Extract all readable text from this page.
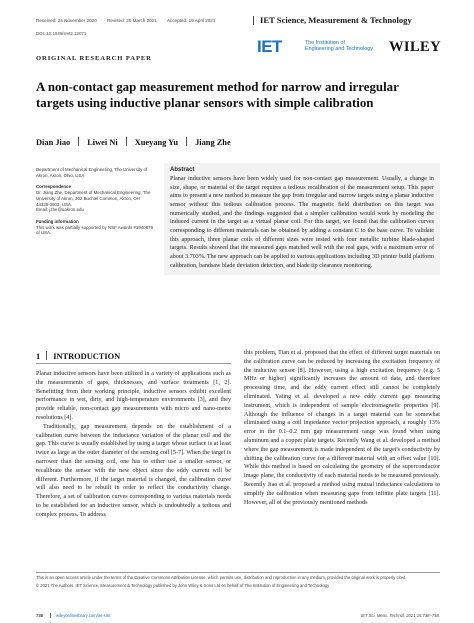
Received: 24 November 2020 Revised: 20 March 2021 Accepted: 19 April 2021	IET Science, Measurement & Technology
DOI: 10.1049/smt2.12071
IET	The Institution of
Engineering and Technology WILEY
ORIGINAL RESEARCH PAPER
A non-contact gap measurement method for narrow and irregular targets using inductive planar sensors with simple calibration
Dian Jiao Liwei Ni Xueyang Yu Jiang Zhe
Department of Mechanical Engineering, The University of Akron, Akron, Ohio, USA
Correspondence
Dr. Jiang Zhe, Department of Mechanical Engineering, The University of Akron, 302 Buchtel Common, Akron, OH 44325-3903, USA.
Email: jzhe@uakron.edu
Funding information
This work was partially supported by NSF Awards #1940879 of USA.
Abstract
Planar inductive sensors have been widely used for non-contact gap measurement. Usually, a change in size, shape, or material of the target requires a tedious recalibration of the measurement setup. This paper aims to present a new method to measure the gap from irregular and narrow targets using a planar inductive sensor without this tedious calibration process. The magnetic field distribution on this target was numerically studied, and the findings suggested that a simpler calibration would work by modeling the induced current in the target as a virtual planar coil. For this target, we found that the calibration curves corresponding to different materials can be obtained by adding a constant C to the base curve. To validate this approach, three planar coils of different sizes were tested with four metallic turbine blade-shaped targets. Results showed that the measured gaps matched well with the real gaps, with a maximum error of about 3.703%. The new approach can be applied to various applications including 3D printer build platform calibration, bandsaw blade deviation detection, and blade tip clearance monitoring.
1 INTRODUCTION

Planar inductive sensors have been utilized in a variety of applications such as the measurements of gaps, thicknesses, and surface treatments [1, 2]. Benefitting from their working principle, inductive sensors exhibit excellent performance in wet, dirty, and high-temperature environments [3], and they provide reliable, non-contact gap measurements with micro and nano-metre resolutions [4].

Traditionally, gap measurement depends on the establishment of a calibration curve between the inductance variation of the planar coil and the gap. This curve is usually established by using a target whose surface is at least twice as large as the outer diameter of the sensing coil [5-7]. When the target is narrower than the sensing coil, one has to either use a smaller sensor, or recalibrate the sensor with the new object since the eddy current will be different. Furthermore, if the target material is changed, the calibration curve will also need to be rebuilt in order to reflect the conductivity change. Therefore, a set of calibration curves corresponding to various materials needs to be established for an inductive sensor, which is undoubtedly a tedious and complex process. To address

this problem, Tian et al. proposed that the effect of different target materials on the calibration curve can be reduced by increasing the excitation frequency of the inductive sensor [8]. However, using a high excitation frequency (e.g. 5 MHz or higher) significantly increases the amount of data, and therefore processing time, and the eddy current effect still cannot be completely eliminated. Yating et al. developed a new eddy current gap measuring instrument, which is independent of sample electromagnetic properties [9]. Although the influence of changes in a target material can be somewhat eliminated using a coil impedance vector projection approach, a roughly 13% error in the 0.1–0.2 mm gap measurement range was found when using aluminum and a copper plate targets. Recently Wang et al. developed a method where the gap measurement is made independent of the target's conductivity by shifting the calibration curve for a different material with an offset value [10]. While this method is based on calculating the geometry of the superconductor image plane, the conductivity of each material needs to be measured previously. Recently Jiao et al. proposed a method using mutual inductance calculations to simplify the calibration when measuring gaps from infinite plate targets [11]. However, all of the previously mentioned methods

This is an open access article under the terms of the Creative Commons Attribution License, which permits use, distribution and reproduction in any medium, provided the original work is properly cited.

© 2021 The Authors. IET Science, Measurement & Technology published by John Wiley & Sons Ltd on behalf of The Institution of Engineering and Technology

738	wileyonlinelibrary.com/iet-smt	IET Sci. Meas. Technol. 2021;15:738–758.
